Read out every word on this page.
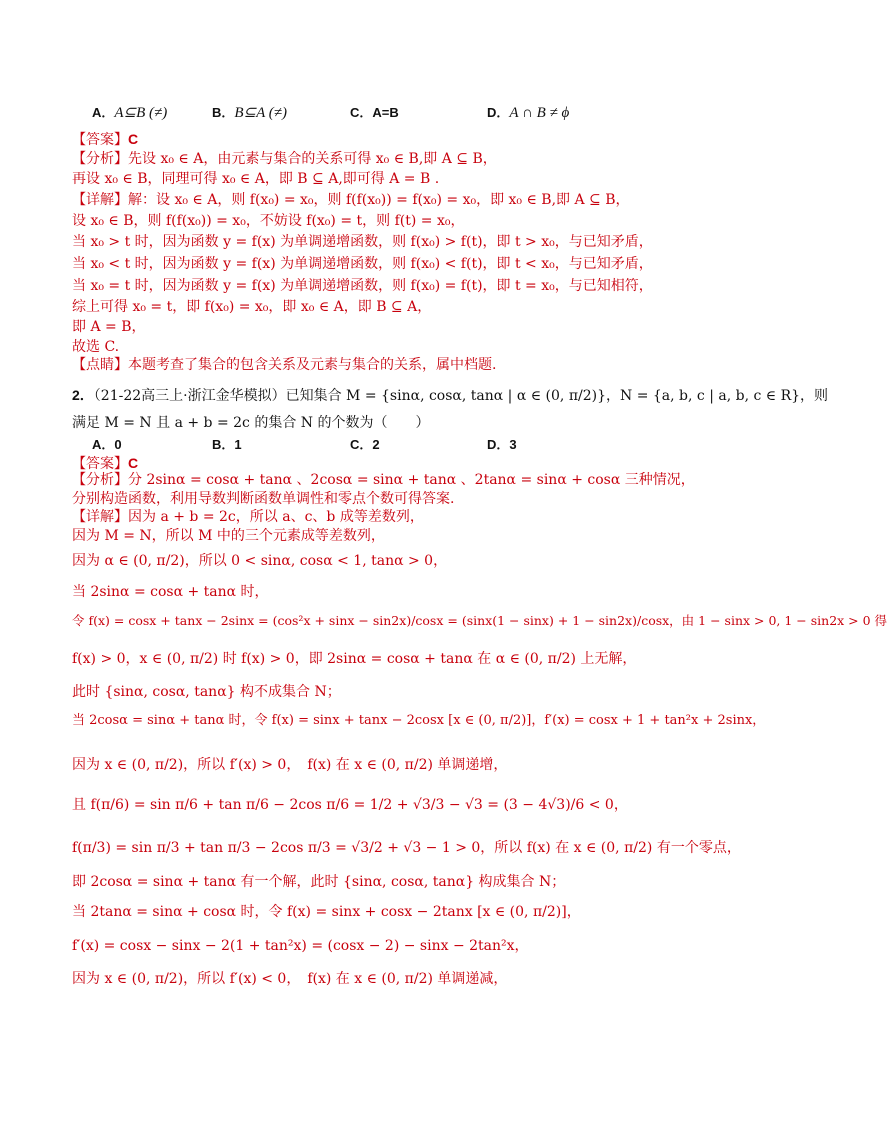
A．A⊆B (≠)	B．B⊆A (≠)	C．A=B	D．A ∩ B ≠ ϕ
【答案】C
【分析】先设 x₀ ∈ A，由元素与集合的关系可得 x₀ ∈ B,即 A ⊆ B，
再设 x₀ ∈ B，同理可得 x₀ ∈ A，即 B ⊆ A,即可得 A = B .
【详解】解：设 x₀ ∈ A，则 f(x₀) = x₀，则 f(f(x₀)) = f(x₀) = x₀，即 x₀ ∈ B,即 A ⊆ B，
设 x₀ ∈ B，则 f(f(x₀)) = x₀，不妨设 f(x₀) = t，则 f(t) = x₀，
当 x₀ > t 时，因为函数 y = f(x) 为单调递增函数，则 f(x₀) > f(t)，即 t > x₀，与已知矛盾，
当 x₀ < t 时，因为函数 y = f(x) 为单调递增函数，则 f(x₀) < f(t)，即 t < x₀，与已知矛盾，
当 x₀ = t 时，因为函数 y = f(x) 为单调递增函数，则 f(x₀) = f(t)，即 t = x₀，与已知相符，
综上可得 x₀ = t，即 f(x₀) = x₀，即 x₀ ∈ A，即 B ⊆ A，
即 A = B，
故选 C.
【点睛】本题考查了集合的包含关系及元素与集合的关系，属中档题.
2．（21-22高三上·浙江金华模拟）已知集合 M = {sinα, cosα, tanα | α ∈ (0, π/2)}，N = {a, b, c | a, b, c ∈ R}，则
满足 M = N 且 a + b = 2c 的集合 N 的个数为（　　）
A．0	B．1	C．2	D．3
【答案】C
【分析】分 2sinα = cosα + tanα 、2cosα = sinα + tanα 、2tanα = sinα + cosα 三种情况，
分别构造函数，利用导数判断函数单调性和零点个数可得答案.
【详解】因为 a + b = 2c，所以 a、c、b 成等差数列，
因为 M = N，所以 M 中的三个元素成等差数列，
因为 α ∈ (0, π/2)，所以 0 < sinα, cosα < 1, tanα > 0，
当 2sinα = cosα + tanα 时，
令 f(x) = cosx + tanx − 2sinx = (cos²x + sinx − sin2x)/cosx = (sinx(1 − sinx) + 1 − sin2x)/cosx，由 1 − sinx > 0, 1 − sin2x > 0 得
f(x) > 0，x ∈ (0, π/2) 时 f(x) > 0，即 2sinα = cosα + tanα 在 α ∈ (0, π/2) 上无解，
此时 {sinα, cosα, tanα} 构不成集合 N；
当 2cosα = sinα + tanα 时，令 f(x) = sinx + tanx − 2cosx [x ∈ (0, π/2)]，f′(x) = cosx + 1 + tan²x + 2sinx，
因为 x ∈ (0, π/2)，所以 f′(x) > 0，　f(x) 在 x ∈ (0, π/2) 单调递增，
且 f(π/6) = sin π/6 + tan π/6 − 2cos π/6 = 1/2 + √3/3 − √3 = (3 − 4√3)/6 < 0，
f(π/3) = sin π/3 + tan π/3 − 2cos π/3 = √3/2 + √3 − 1 > 0，所以 f(x) 在 x ∈ (0, π/2) 有一个零点，
即 2cosα = sinα + tanα 有一个解，此时 {sinα, cosα, tanα} 构成集合 N；
当 2tanα = sinα + cosα 时，令 f(x) = sinx + cosx − 2tanx [x ∈ (0, π/2)]，
f′(x) = cosx − sinx − 2(1 + tan²x) = (cosx − 2) − sinx − 2tan²x，
因为 x ∈ (0, π/2)，所以 f′(x) < 0，　f(x) 在 x ∈ (0, π/2) 单调递减，
